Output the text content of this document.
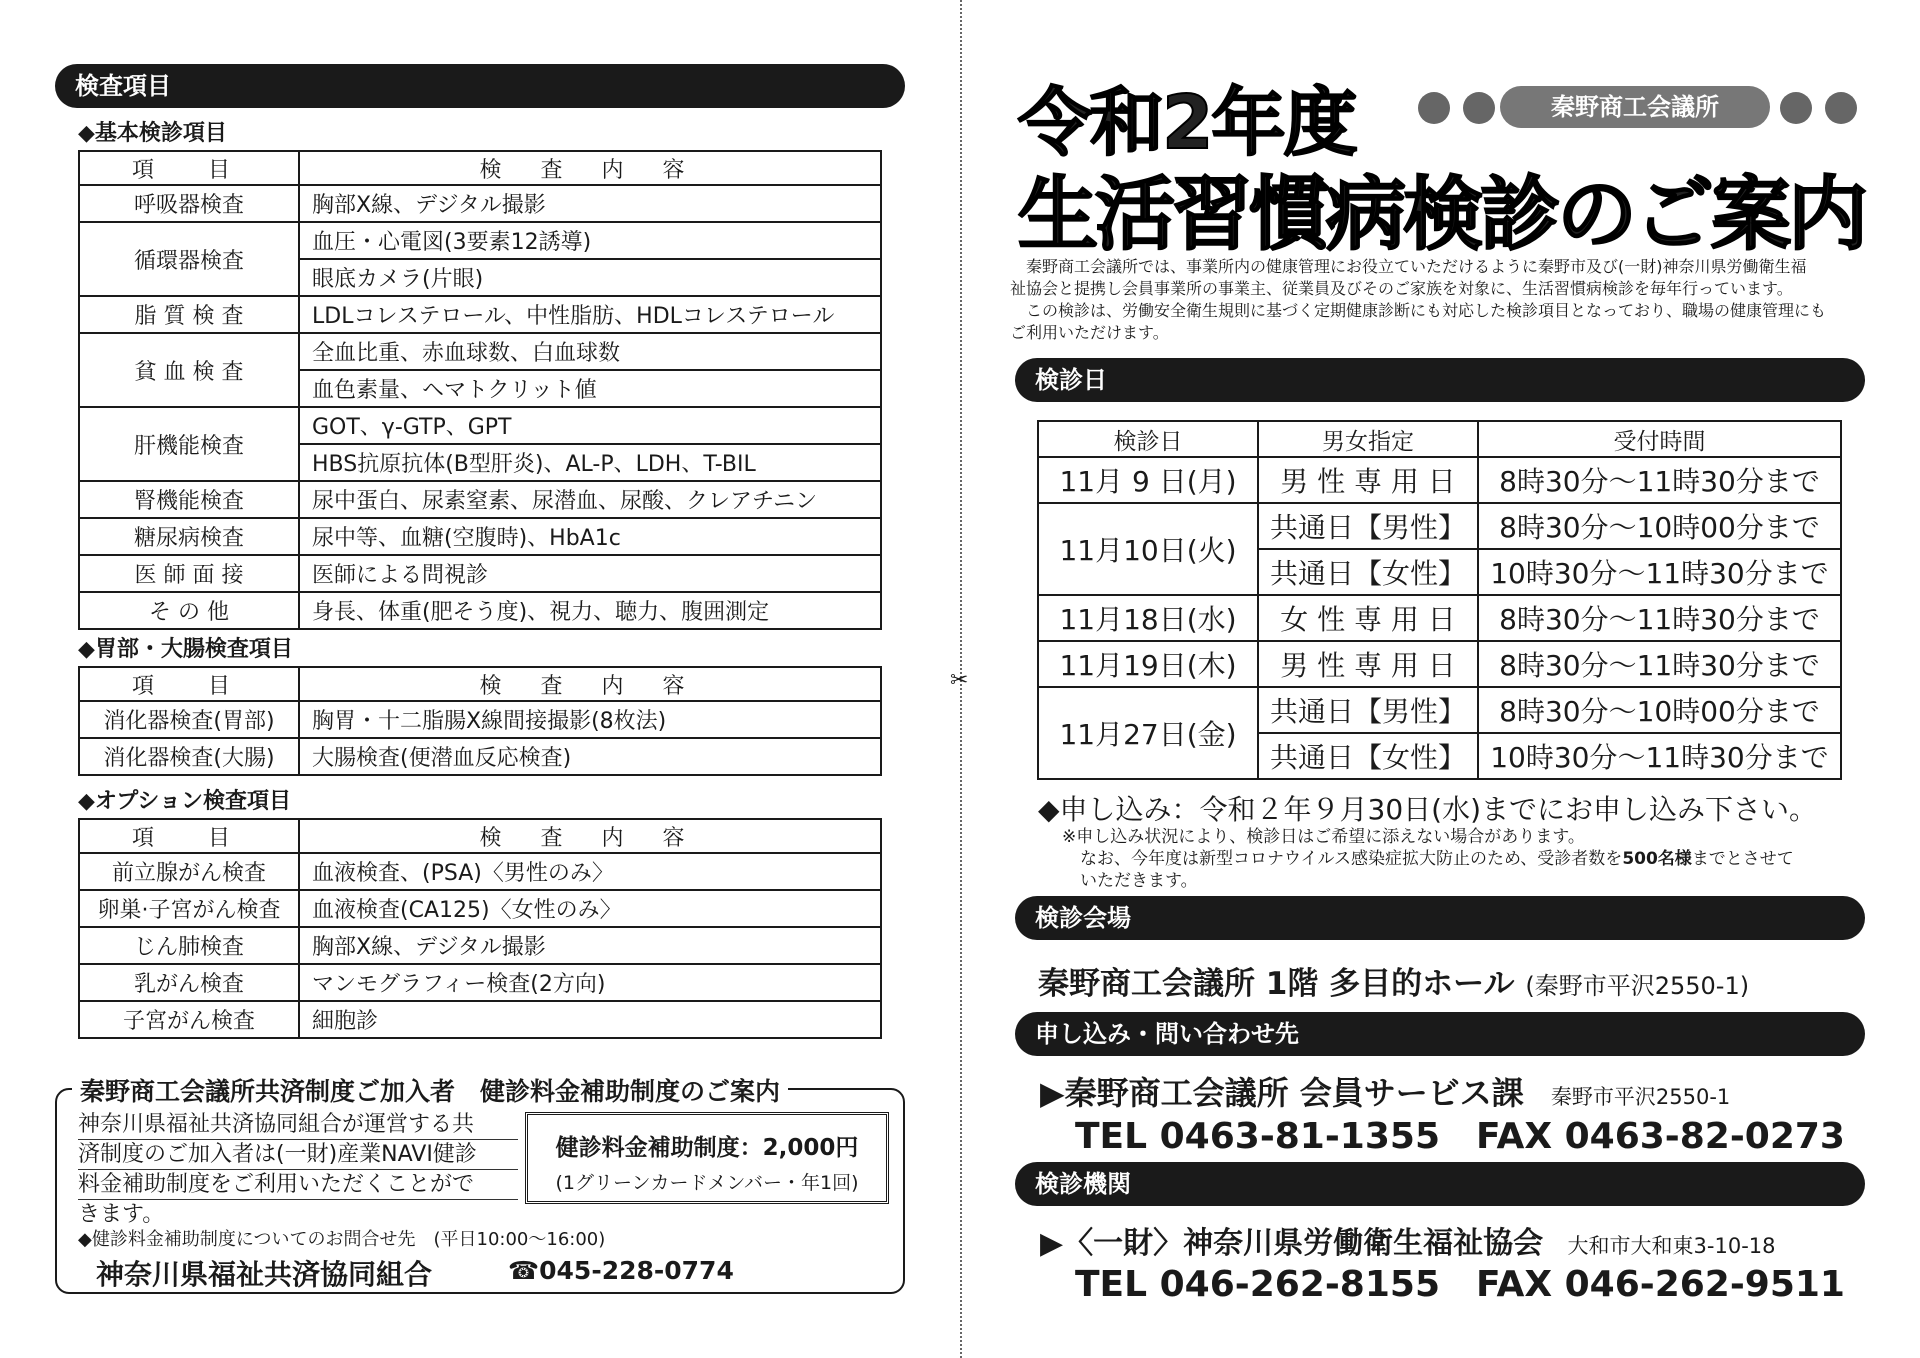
検査項目
◆基本検診項目
項　目	検 査 内 容
呼吸器検査	胸部X線、デジタル撮影
循環器検査	血圧・心電図(3要素12誘導)
	眼底カメラ(片眼)
脂 質 検 査	LDLコレステロール、中性脂肪、HDLコレステロール
貧 血 検 査	全血比重、赤血球数、白血球数
	血色素量、ヘマトクリット値
肝機能検査	GOT、γ-GTP、GPT
	HBS抗原抗体(B型肝炎)、AL-P、LDH、T-BIL
腎機能検査	尿中蛋白、尿素窒素、尿潜血、尿酸、クレアチニン
糖尿病検査	尿中等、血糖(空腹時)、HbA1c
医 師 面 接	医師による問視診
そ の 他	身長、体重(肥そう度)、視力、聴力、腹囲測定
◆胃部・大腸検査項目
項　目	検 査 内 容
消化器検査(胃部)	胸胃・十二脂腸X線間接撮影(8枚法)
消化器検査(大腸)	大腸検査(便潜血反応検査)
◆オプション検査項目
項　目	検 査 内 容
前立腺がん検査	血液検査、(PSA)〈男性のみ〉
卵巣·子宮がん検査	血液検査(CA125)〈女性のみ〉
じん肺検査	胸部X線、デジタル撮影
乳がん検査	マンモグラフィー検査(2方向)
子宮がん検査	細胞診
秦野商工会議所共済制度ご加入者　健診料金補助制度のご案内
神奈川県福祉共済協同組合が運営する共
済制度のご加入者は(一財)産業NAVI健診
料金補助制度をご利用いただくことがで
きます。
健診料金補助制度：2,000円
(1グリーンカードメンバー・年1回)
◆健診料金補助制度についてのお問合せ先　(平日10:00〜16:00)
神奈川県福祉共済協同組合	☎045-228-0774
✂
令和2年度
	秦野商工会議所

生活習慣病検診のご案内
　秦野商工会議所では、事業所内の健康管理にお役立ていただけるように秦野市及び(一財)神奈川県労働衛生福
祉協会と提携し会員事業所の事業主、従業員及びそのご家族を対象に、生活習慣病検診を毎年行っています。
　この検診は、労働安全衛生規則に基づく定期健康診断にも対応した検診項目となっており、職場の健康管理にも
ご利用いただけます。
検診日
検診日	男女指定	受付時間
11月 9 日(月)	男 性 専 用 日	8時30分〜11時30分まで
11月10日(火)	共通日【男性】	8時30分〜10時00分まで
	共通日【女性】	10時30分〜11時30分まで
11月18日(水)	女 性 専 用 日	8時30分〜11時30分まで
11月19日(木)	男 性 専 用 日	8時30分〜11時30分まで
11月27日(金)	共通日【男性】	8時30分〜10時00分まで
	共通日【女性】	10時30分〜11時30分まで
◆申し込み：令和２年９月30日(水)までにお申し込み下さい。
※申し込み状況により、検診日はご希望に添えない場合があります。
なお、今年度は新型コロナウイルス感染症拡大防止のため、受診者数を500名様までとさせて
いただきます。
検診会場
秦野商工会議所 1階 多目的ホール (秦野市平沢2550-1)
申し込み・問い合わせ先
▶秦野商工会議所 会員サービス課 秦野市平沢2550-1
TEL 0463-81-1355　FAX 0463-82-0273
検診機関
▶〈一財〉神奈川県労働衛生福祉協会 大和市大和東3-10-18
TEL 046-262-8155　FAX 046-262-9511
